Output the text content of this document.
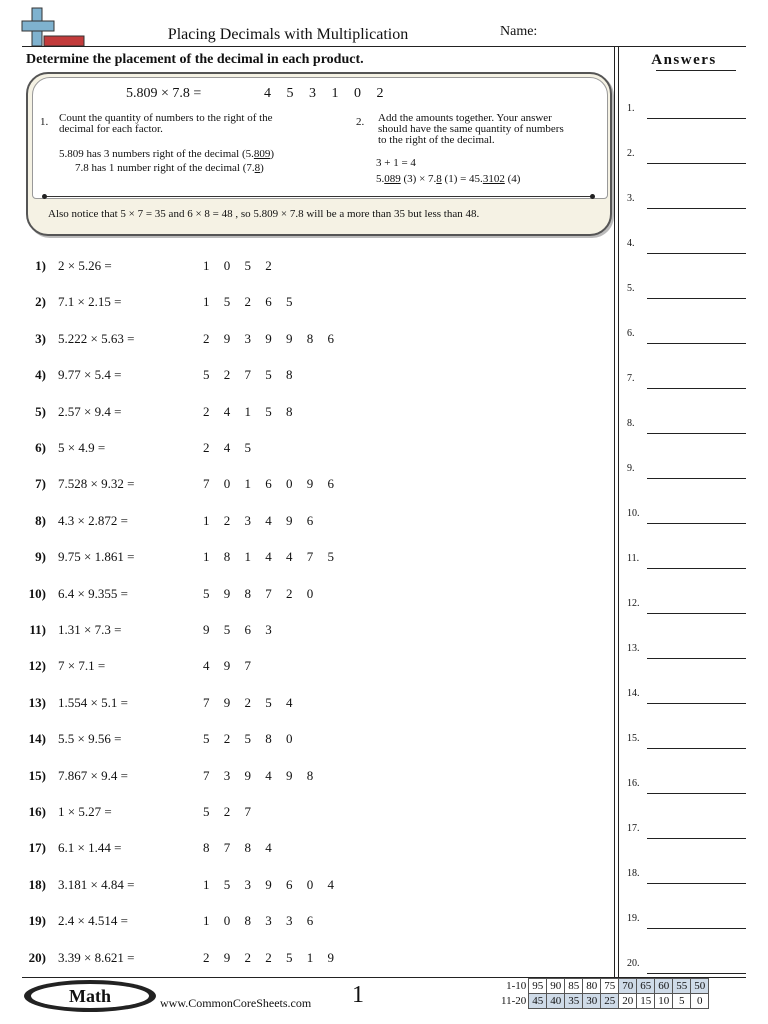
Placing Decimals with Multiplication	Name:
Determine the placement of the decimal in each product.	Answers
5.809 × 7.8 =	4 5 3 1 0 2
1. Count the quantity of numbers to the right of the
decimal for each factor.
5.809 has 3 numbers right of the decimal (5.809)
7.8 has 1 number right of the decimal (7.8)
2. Add the amounts together. Your answer
should have the same quantity of numbers
to the right of the decimal.
3 + 1 = 4
5.089 (3) × 7.8 (1) = 45.3102 (4)
Also notice that 5 × 7 = 35 and 6 × 8 = 48 , so 5.809 × 7.8 will be a more than 35 but less than 48.
1) 2 × 5.26 =	1 0 5 2
2) 7.1 × 2.15 =	1 5 2 6 5
3) 5.222 × 5.63 =	2 9 3 9 9 8 6
4) 9.77 × 5.4 =	5 2 7 5 8
5) 2.57 × 9.4 =	2 4 1 5 8
6) 5 × 4.9 =	2 4 5
7) 7.528 × 9.32 =	7 0 1 6 0 9 6
8) 4.3 × 2.872 =	1 2 3 4 9 6
9) 9.75 × 1.861 =	1 8 1 4 4 7 5
10) 6.4 × 9.355 =	5 9 8 7 2 0
11) 1.31 × 7.3 =	9 5 6 3
12) 7 × 7.1 =	4 9 7
13) 1.554 × 5.1 =	7 9 2 5 4
14) 5.5 × 9.56 =	5 2 5 8 0
15) 7.867 × 9.4 =	7 3 9 4 9 8
16) 1 × 5.27 =	5 2 7
17) 6.1 × 1.44 =	8 7 8 4
18) 3.181 × 4.84 =	1 5 3 9 6 0 4
19) 2.4 × 4.514 =	1 0 8 3 3 6
20) 3.39 × 8.621 =	2 9 2 2 5 1 9
1.
2.
3.
4.
5.
6.
7.
8.
9.
10.
11.
12.
13.
14.
15.
16.
17.
18.
19.
20.
Math	www.CommonCoreSheets.com 1	1-10	95	90	85	80	75	70	65	60	55	50
11-20	45	40	35	30	25	20	15	10	5	0
